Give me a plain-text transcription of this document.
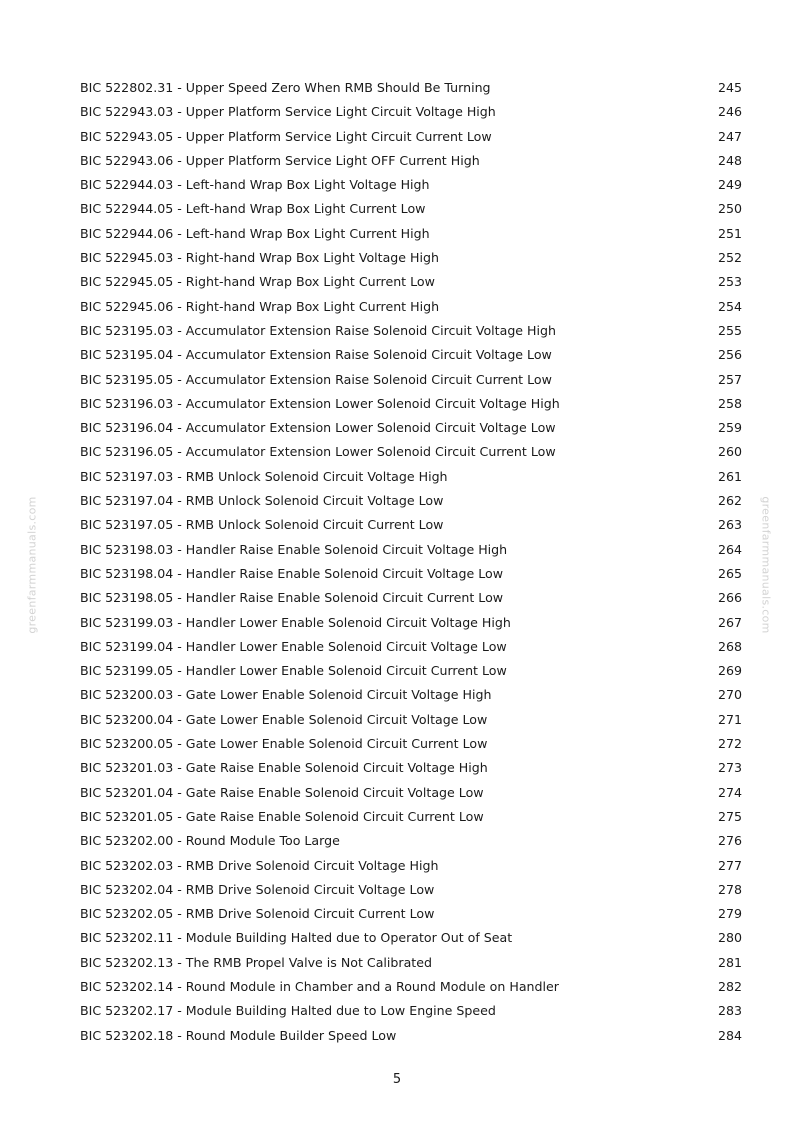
greenfarmmanuals.com	greenfarmmanuals.com
BIC 522802.31 - Upper Speed Zero When RMB Should Be Turning	245
BIC 522943.03 - Upper Platform Service Light Circuit Voltage High	246
BIC 522943.05 - Upper Platform Service Light Circuit Current Low	247
BIC 522943.06 - Upper Platform Service Light OFF Current High	248
BIC 522944.03 - Left-hand Wrap Box Light Voltage High	249
BIC 522944.05 - Left-hand Wrap Box Light Current Low	250
BIC 522944.06 - Left-hand Wrap Box Light Current High	251
BIC 522945.03 - Right-hand Wrap Box Light Voltage High	252
BIC 522945.05 - Right-hand Wrap Box Light Current Low	253
BIC 522945.06 - Right-hand Wrap Box Light Current High	254
BIC 523195.03 - Accumulator Extension Raise Solenoid Circuit Voltage High	255
BIC 523195.04 - Accumulator Extension Raise Solenoid Circuit Voltage Low	256
BIC 523195.05 - Accumulator Extension Raise Solenoid Circuit Current Low	257
BIC 523196.03 - Accumulator Extension Lower Solenoid Circuit Voltage High	258
BIC 523196.04 - Accumulator Extension Lower Solenoid Circuit Voltage Low	259
BIC 523196.05 - Accumulator Extension Lower Solenoid Circuit Current Low	260
BIC 523197.03 - RMB Unlock Solenoid Circuit Voltage High	261
BIC 523197.04 - RMB Unlock Solenoid Circuit Voltage Low	262
BIC 523197.05 - RMB Unlock Solenoid Circuit Current Low	263
BIC 523198.03 - Handler Raise Enable Solenoid Circuit Voltage High	264
BIC 523198.04 - Handler Raise Enable Solenoid Circuit Voltage Low	265
BIC 523198.05 - Handler Raise Enable Solenoid Circuit Current Low	266
BIC 523199.03 - Handler Lower Enable Solenoid Circuit Voltage High	267
BIC 523199.04 - Handler Lower Enable Solenoid Circuit Voltage Low	268
BIC 523199.05 - Handler Lower Enable Solenoid Circuit Current Low	269
BIC 523200.03 - Gate Lower Enable Solenoid Circuit Voltage High	270
BIC 523200.04 - Gate Lower Enable Solenoid Circuit Voltage Low	271
BIC 523200.05 - Gate Lower Enable Solenoid Circuit Current Low	272
BIC 523201.03 - Gate Raise Enable Solenoid Circuit Voltage High	273
BIC 523201.04 - Gate Raise Enable Solenoid Circuit Voltage Low	274
BIC 523201.05 - Gate Raise Enable Solenoid Circuit Current Low	275
BIC 523202.00 - Round Module Too Large	276
BIC 523202.03 - RMB Drive Solenoid Circuit Voltage High	277
BIC 523202.04 - RMB Drive Solenoid Circuit Voltage Low	278
BIC 523202.05 - RMB Drive Solenoid Circuit Current Low	279
BIC 523202.11 - Module Building Halted due to Operator Out of Seat	280
BIC 523202.13 - The RMB Propel Valve is Not Calibrated	281
BIC 523202.14 - Round Module in Chamber and a Round Module on Handler	282
BIC 523202.17 - Module Building Halted due to Low Engine Speed	283
BIC 523202.18 - Round Module Builder Speed Low	284
5
